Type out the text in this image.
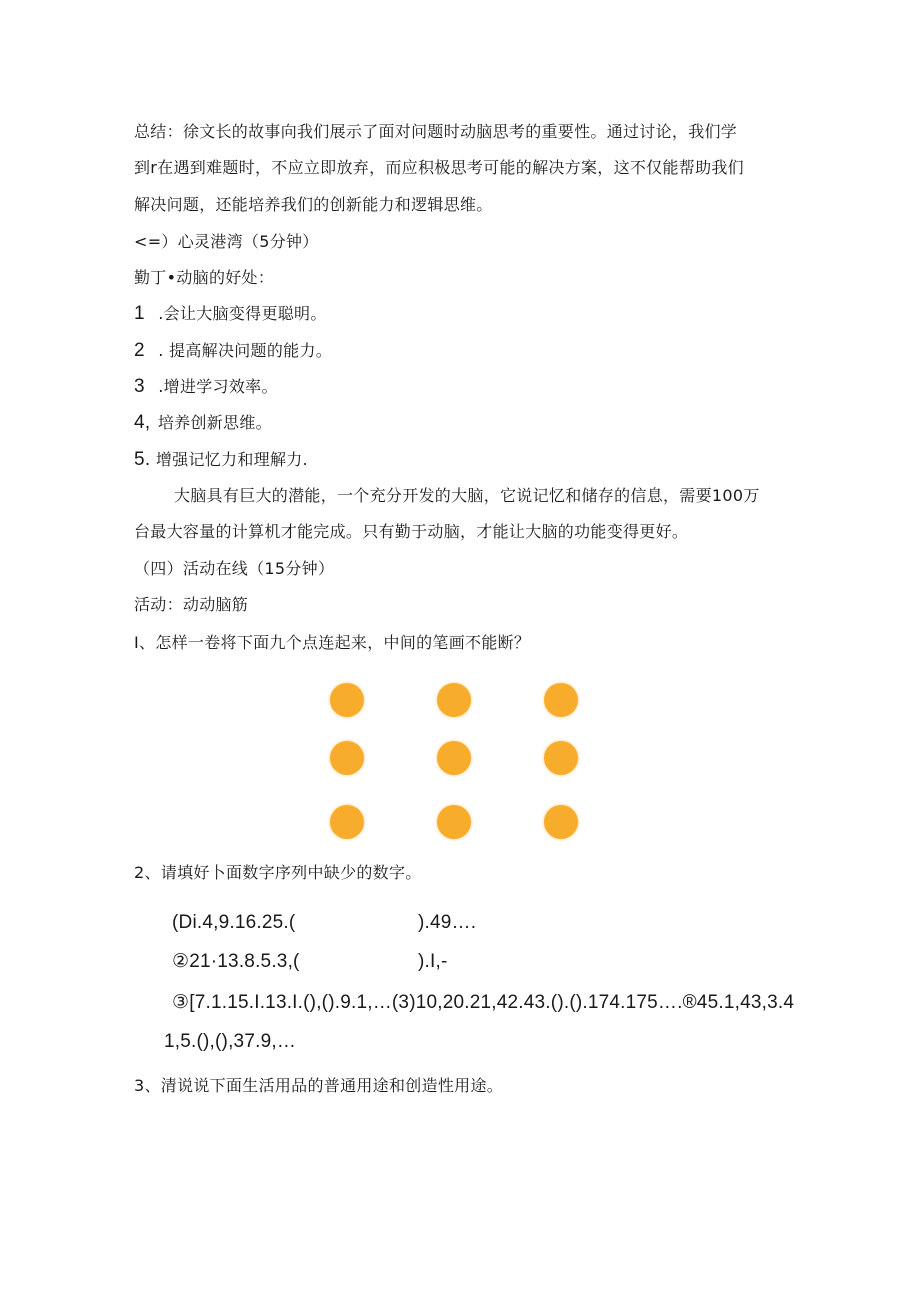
总结：徐文长的故事向我们展示了面对问题时动脑思考的重要性。通过讨论，我们学
到r在遇到难题时，不应立即放弃，而应积极思考可能的解决方案，这不仅能帮助我们
解决问题，还能培养我们的创新能力和逻辑思维。
<=）心灵港湾（5分钟）
勤丁•动脑的好处：
1 .会让大脑变得更聪明。
2 . 提高解决问题的能力。
3 .增进学习效率。
4, 培养创新思维。
5. 增强记忆力和理解力.
大脑具有巨大的潜能，一个充分开发的大脑，它说记忆和储存的信息，需要100万
台最大容量的计算机才能完成。只有勤于动脑，才能让大脑的功能变得更好。
（四）活动在线（15分钟）
活动：动动脑筋
I、怎样一卷将下面九个点连起来，中间的笔画不能断？
2、请填好卜面数字序列中缺少的数字。
(Di.4,9.16.25.(	).49….
②21·13.8.5.3,(	).I,-
③[7.1.15.I.13.I.(),().9.1,…(3)10,20.21,42.43.().().174.175….®45.1,43,3.4
1,5.(),(),37.9,…
3、清说说下面生活用品的普通用途和创造性用途。
